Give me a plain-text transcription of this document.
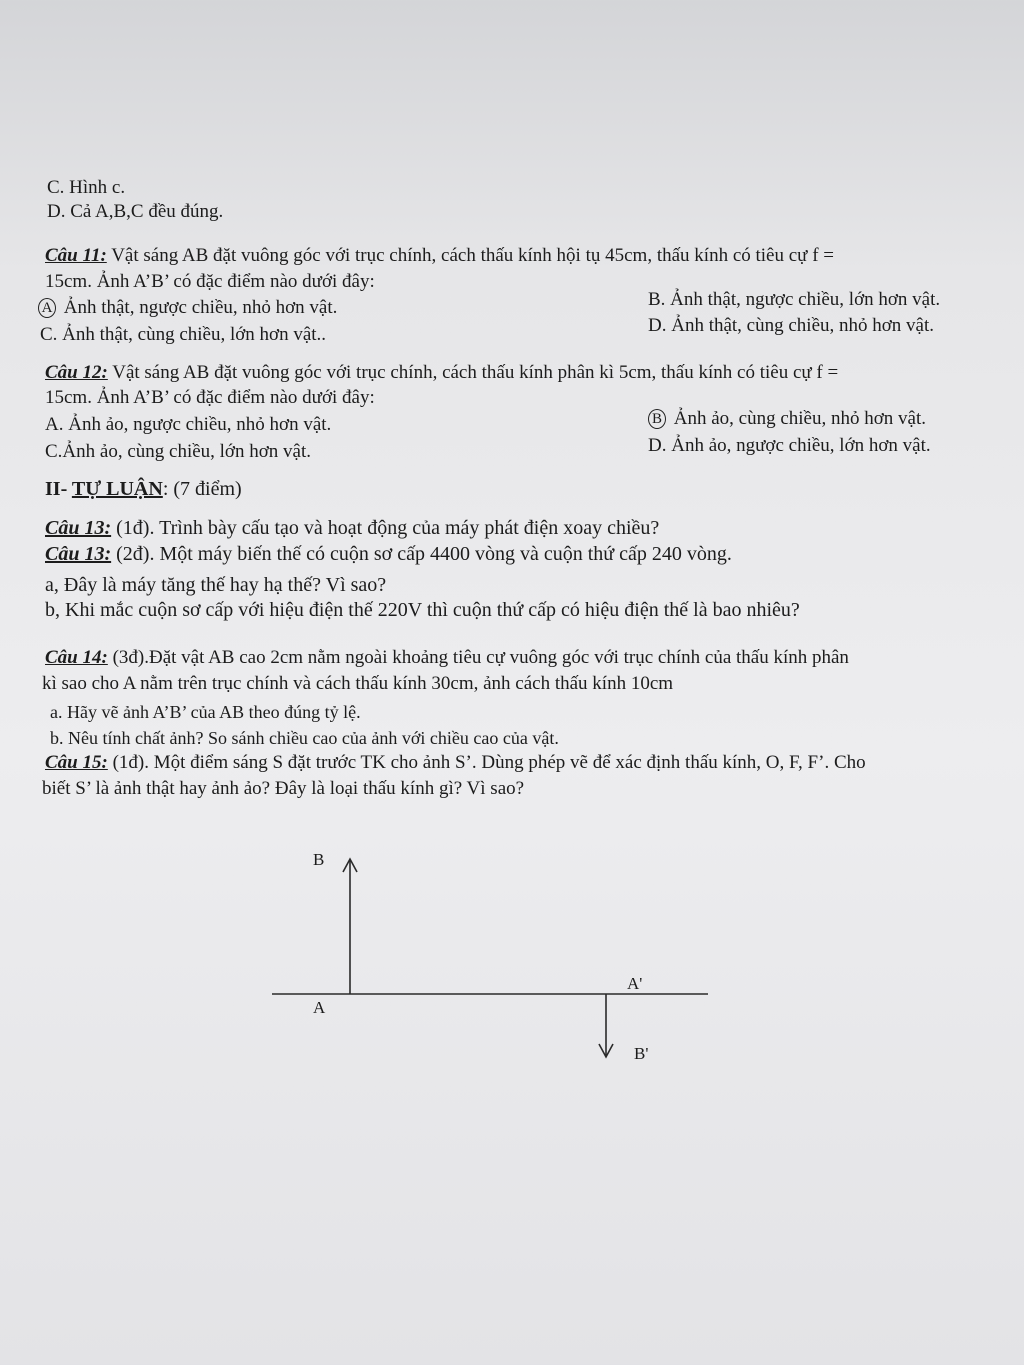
C. Hình c.
D. Cả A,B,C đều đúng.
Câu 11: Vật sáng AB đặt vuông góc với trục chính, cách thấu kính hội tụ 45cm, thấu kính có tiêu cự f =
15cm. Ảnh A’B’ có đặc điểm nào dưới đây:
A Ảnh thật, ngược chiều, nhỏ hơn vật.	B. Ảnh thật, ngược chiều, lớn hơn vật.
C. Ảnh thật, cùng chiều, lớn hơn vật..	D. Ảnh thật, cùng chiều, nhỏ hơn vật.
Câu 12: Vật sáng AB đặt vuông góc với trục chính, cách thấu kính phân kì 5cm, thấu kính có tiêu cự f =
15cm. Ảnh A’B’ có đặc điểm nào dưới đây:
A. Ảnh ảo, ngược chiều, nhỏ hơn vật.	B Ảnh ảo, cùng chiều, nhỏ hơn vật.
C.Ảnh ảo, cùng chiều, lớn hơn vật.	D. Ảnh ảo, ngược chiều, lớn hơn vật.
II- TỰ LUẬN: (7 điểm)
Câu 13: (1đ). Trình bày cấu tạo và hoạt động của máy phát điện xoay chiều?
Câu 13: (2đ). Một máy biến thế có cuộn sơ cấp 4400 vòng và cuộn thứ cấp 240 vòng.
a, Đây là máy tăng thế hay hạ thế? Vì sao?
b, Khi mắc cuộn sơ cấp với hiệu điện thế 220V thì cuộn thứ cấp có hiệu điện thế là bao nhiêu?
Câu 14: (3đ).Đặt vật AB cao 2cm nằm ngoài khoảng tiêu cự vuông góc với trục chính của thấu kính phân
kì sao cho A nằm trên trục chính và cách thấu kính 30cm, ảnh cách thấu kính 10cm
a. Hãy vẽ ảnh A’B’ của AB theo đúng tỷ lệ.
b. Nêu tính chất ảnh? So sánh chiều cao của ảnh với chiều cao của vật.
Câu 15: (1đ). Một điểm sáng S đặt trước TK cho ảnh S’. Dùng phép vẽ để xác định thấu kính, O, F, F’. Cho
biết S’ là ảnh thật hay ảnh ảo? Đây là loại thấu kính gì? Vì sao?
B
A
A'
B'
